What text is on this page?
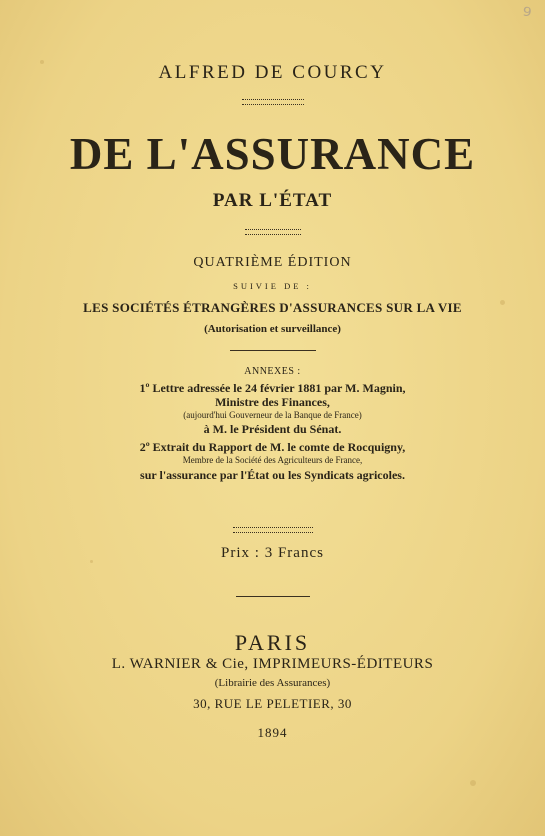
⁹
ALFRED DE COURCY
DE L'ASSURANCE
PAR L'ÉTAT
QUATRIÈME ÉDITION
SUIVIE DE :
LES SOCIÉTÉS ÉTRANGÈRES D'ASSURANCES SUR LA VIE
(Autorisation et surveillance)
ANNEXES :
1º Lettre adressée le 24 février 1881 par M. Magnin,
Ministre des Finances,
(aujourd'hui Gouverneur de la Banque de France)
à M. le Président du Sénat.
2º Extrait du Rapport de M. le comte de Rocquigny,
Membre de la Société des Agriculteurs de France,
sur l'assurance par l'État ou les Syndicats agricoles.
Prix : 3 Francs
PARIS
L. WARNIER & Cie, IMPRIMEURS-ÉDITEURS
(Librairie des Assurances)
30, RUE LE PELETIER, 30
1894
